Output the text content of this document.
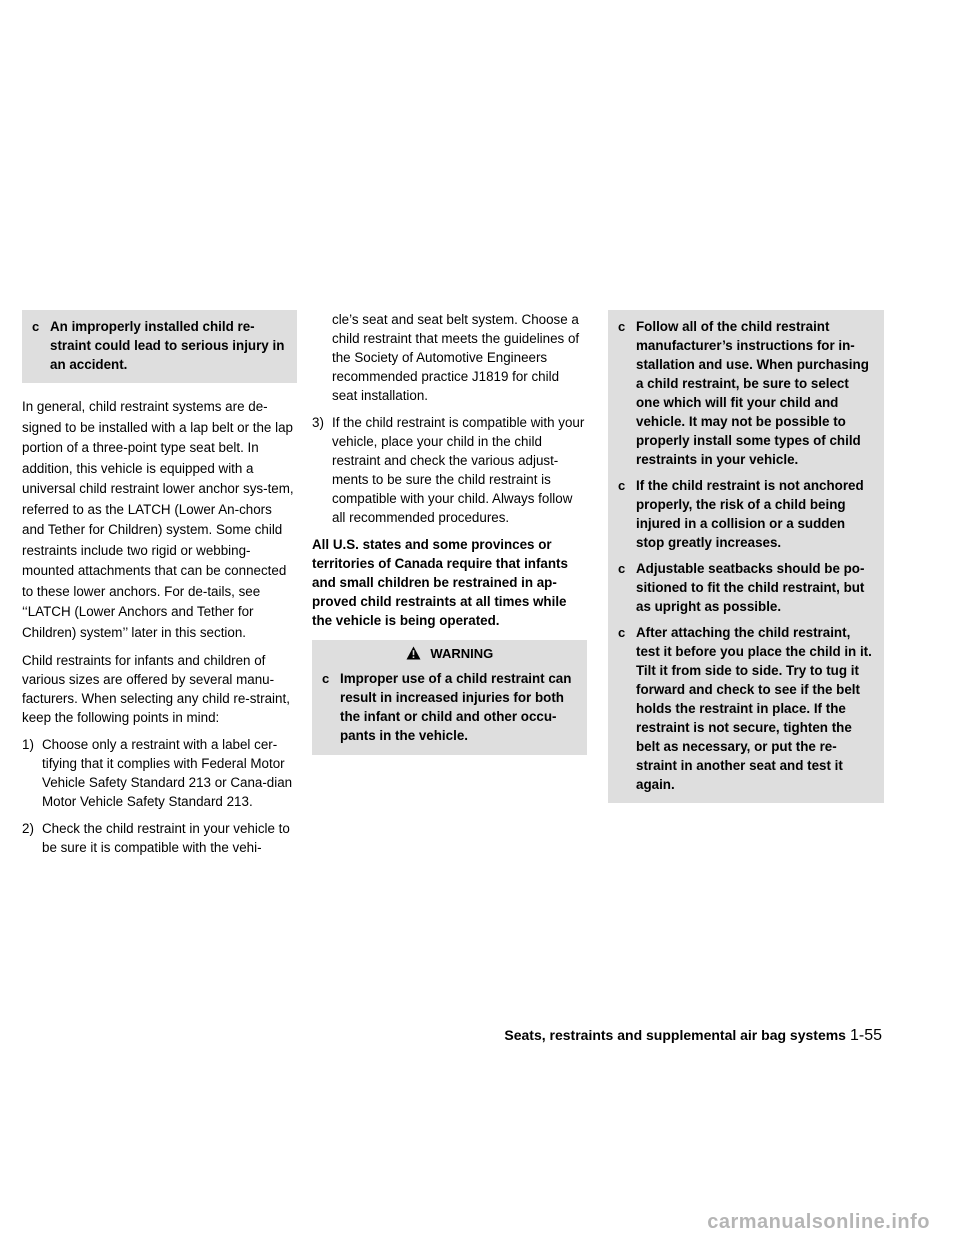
c An improperly installed child re-straint could lead to serious injury in an accident.

In general, child restraint systems are de-signed to be installed with a lap belt or the lap portion of a three-point type seat belt. In addition, this vehicle is equipped with a universal child restraint lower anchor sys-tem, referred to as the LATCH (Lower An-chors and Tether for Children) system. Some child restraints include two rigid or webbing-mounted attachments that can be connected to these lower anchors. For de-tails, see ‘‘LATCH (Lower Anchors and Tether for Children) system’’ later in this section.

Child restraints for infants and children of various sizes are offered by several manu-facturers. When selecting any child re-straint, keep the following points in mind:

1) Choose only a restraint with a label cer-tifying that it complies with Federal Motor Vehicle Safety Standard 213 or Cana-dian Motor Vehicle Safety Standard 213.
2) Check the child restraint in your vehicle to be sure it is compatible with the vehi-
cle’s seat and seat belt system. Choose a child restraint that meets the guidelines of the Society of Automotive Engineers recommended practice J1819 for child seat installation.
3) If the child restraint is compatible with your vehicle, place your child in the child restraint and check the various adjust-ments to be sure the child restraint is compatible with your child. Always follow all recommended procedures.

All U.S. states and some provinces or territories of Canada require that infants and small children be restrained in ap-proved child restraints at all times while the vehicle is being operated.

WARNING
c Improper use of a child restraint can result in increased injuries for both the infant or child and other occu-pants in the vehicle.
c Follow all of the child restraint manufacturer’s instructions for in-stallation and use. When purchasing a child restraint, be sure to select one which will fit your child and vehicle. It may not be possible to properly install some types of child restraints in your vehicle.
c If the child restraint is not anchored properly, the risk of a child being injured in a collision or a sudden stop greatly increases.
c Adjustable seatbacks should be po-sitioned to fit the child restraint, but as upright as possible.
c After attaching the child restraint, test it before you place the child in it. Tilt it from side to side. Try to tug it forward and check to see if the belt holds the restraint in place. If the restraint is not secure, tighten the belt as necessary, or put the re-straint in another seat and test it again.
Seats, restraints and supplemental air bag systems 1-55
carmanualsonline.info
